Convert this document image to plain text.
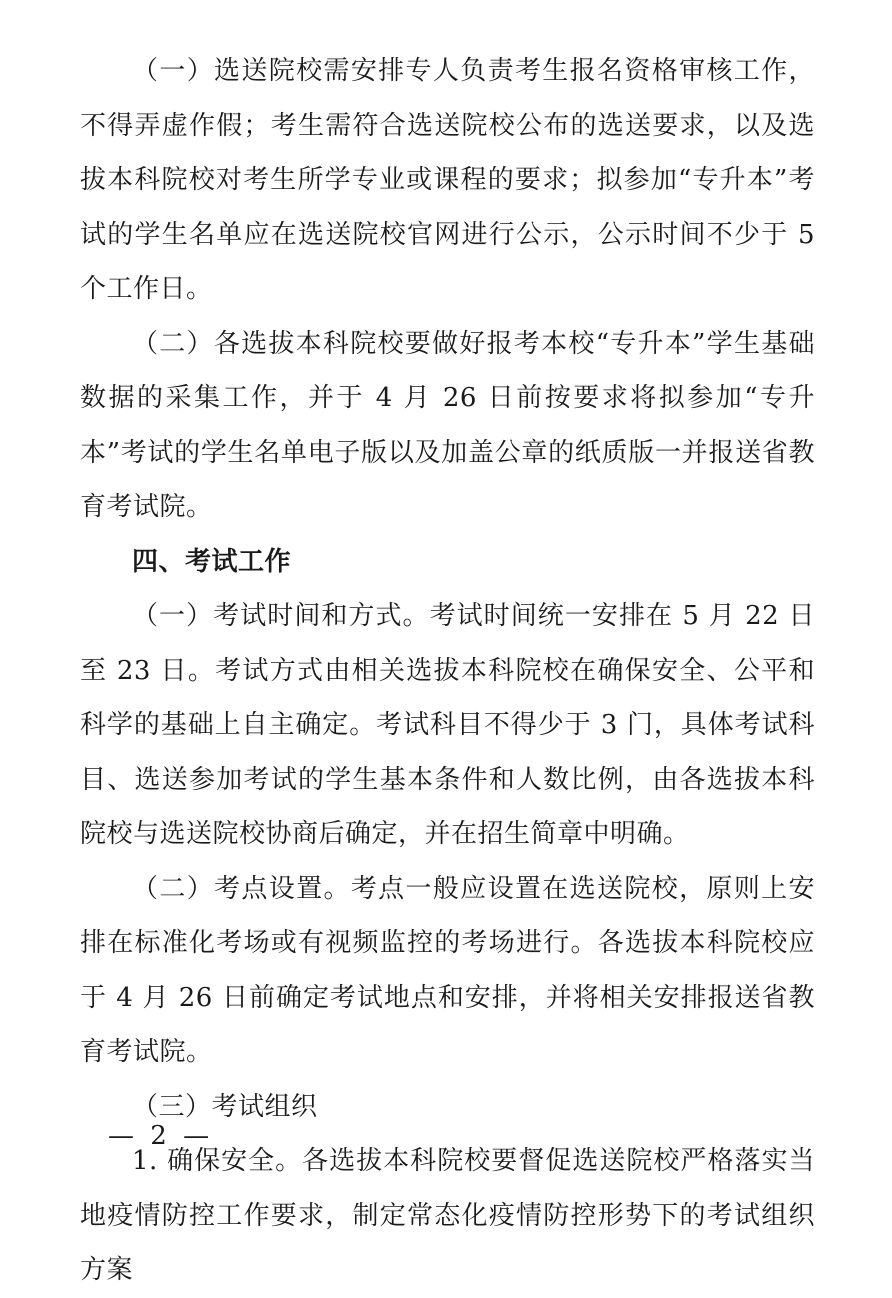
（一）选送院校需安排专人负责考生报名资格审核工作，不得弄虚作假；考生需符合选送院校公布的选送要求，以及选拔本科院校对考生所学专业或课程的要求；拟参加“专升本”考试的学生名单应在选送院校官网进行公示，公示时间不少于 5 个工作日。

（二）各选拔本科院校要做好报考本校“专升本”学生基础数据的采集工作，并于 4 月 26 日前按要求将拟参加“专升本”考试的学生名单电子版以及加盖公章的纸质版一并报送省教育考试院。

四、考试工作

（一）考试时间和方式。考试时间统一安排在 5 月 22 日至 23 日。考试方式由相关选拔本科院校在确保安全、公平和科学的基础上自主确定。考试科目不得少于 3 门，具体考试科目、选送参加考试的学生基本条件和人数比例，由各选拔本科院校与选送院校协商后确定，并在招生简章中明确。

（二）考点设置。考点一般应设置在选送院校，原则上安排在标准化考场或有视频监控的考场进行。各选拔本科院校应于 4 月 26 日前确定考试地点和安排，并将相关安排报送省教育考试院。

（三）考试组织

1. 确保安全。各选拔本科院校要督促选送院校严格落实当地疫情防控工作要求，制定常态化疫情防控形势下的考试组织方案

— 2 —
